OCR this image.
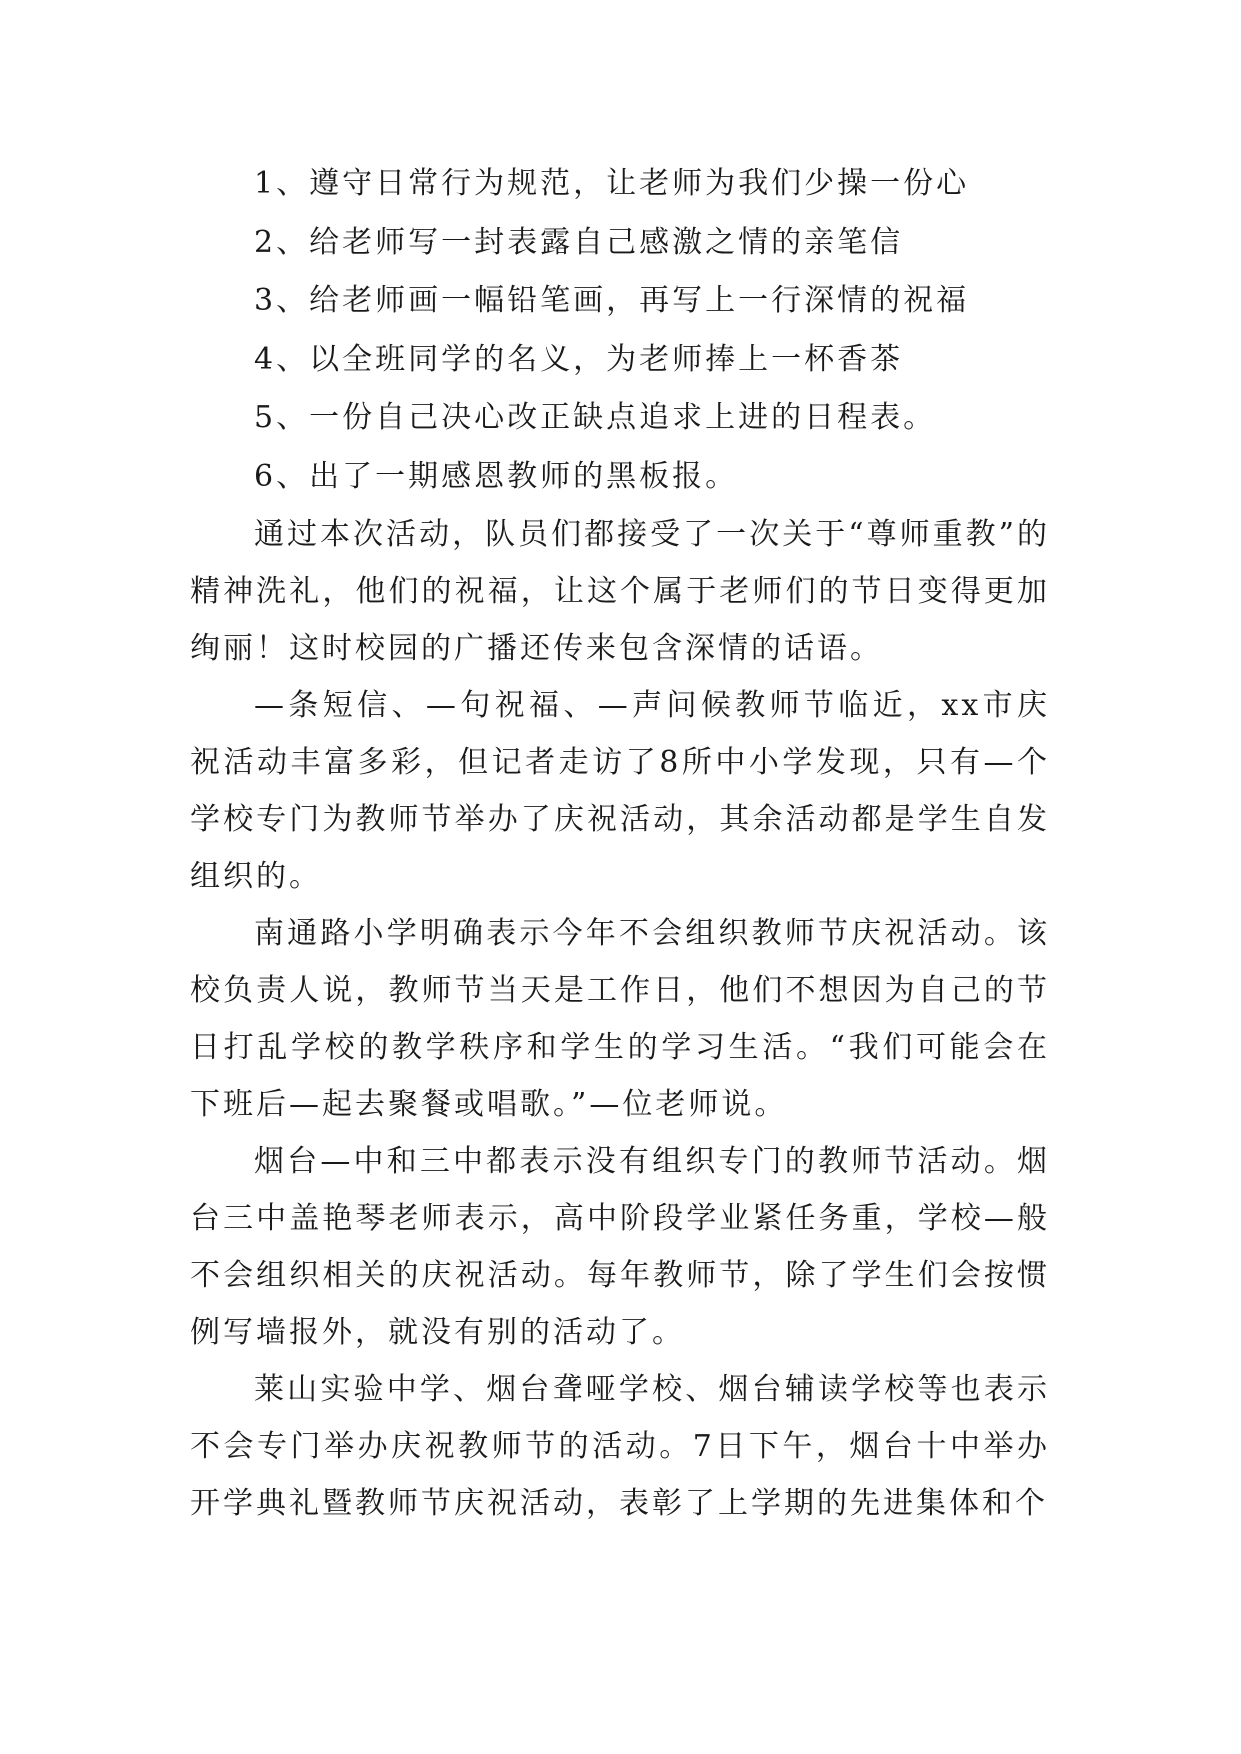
1、遵守日常行为规范，让老师为我们少操一份心

2、给老师写一封表露自己感激之情的亲笔信

3、给老师画一幅铅笔画，再写上一行深情的祝福

4、以全班同学的名义，为老师捧上一杯香茶

5、一份自己决心改正缺点追求上进的日程表。

6、出了一期感恩教师的黑板报。

通过本次活动，队员们都接受了一次关于“尊师重教”的精神洗礼，他们的祝福，让这个属于老师们的节日变得更加绚丽！这时校园的广播还传来包含深情的话语。

—条短信、—句祝福、—声问候教师节临近，xx市庆祝活动丰富多彩，但记者走访了8所中小学发现，只有—个学校专门为教师节举办了庆祝活动，其余活动都是学生自发组织的。

南通路小学明确表示今年不会组织教师节庆祝活动。该校负责人说，教师节当天是工作日，他们不想因为自己的节日打乱学校的教学秩序和学生的学习生活。“我们可能会在下班后—起去聚餐或唱歌。”—位老师说。

烟台—中和三中都表示没有组织专门的教师节活动。烟台三中盖艳琴老师表示，高中阶段学业紧任务重，学校—般不会组织相关的庆祝活动。每年教师节，除了学生们会按惯例写墙报外，就没有别的活动了。

莱山实验中学、烟台聋哑学校、烟台辅读学校等也表示不会专门举办庆祝教师节的活动。7日下午，烟台十中举办开学典礼暨教师节庆祝活动，表彰了上学期的先进集体和个
